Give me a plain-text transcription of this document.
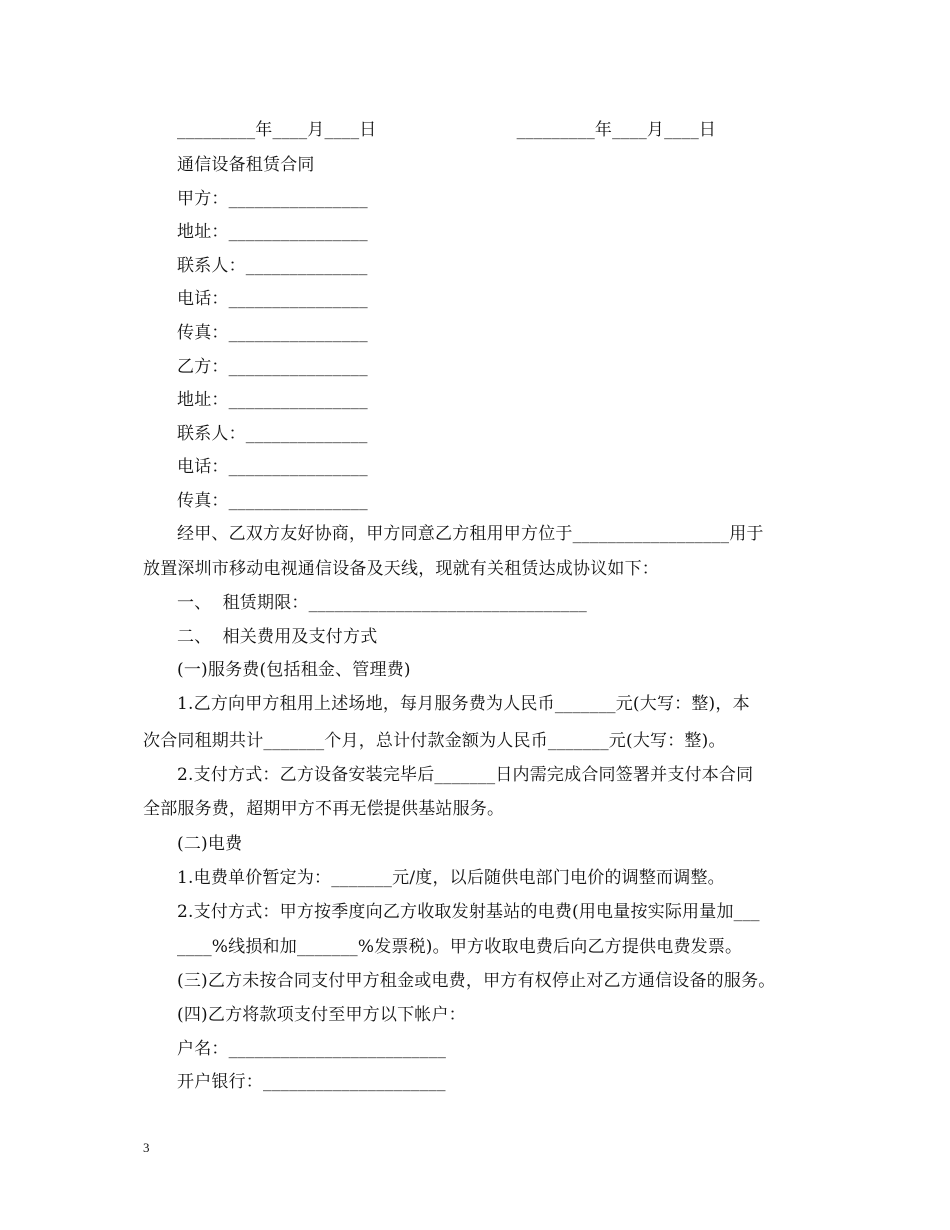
_________年____月____日                         _________年____月____日
通信设备租赁合同
甲方：________________
地址：________________
联系人：______________
电话：________________
传真：________________
乙方：________________
地址：________________
联系人：______________
电话：________________
传真：________________
经甲、乙双方友好协商，甲方同意乙方租用甲方位于__________________用于
放置深圳市移动电视通信设备及天线，现就有关租赁达成协议如下：
一、  租赁期限：________________________________
二、  相关费用及支付方式
(一)服务费(包括租金、管理费)
1.乙方向甲方租用上述场地，每月服务费为人民币_______元(大写：整)，本
次合同租期共计_______个月，总计付款金额为人民币_______元(大写：整)。
2.支付方式：乙方设备安装完毕后_______日内需完成合同签署并支付本合同
全部服务费，超期甲方不再无偿提供基站服务。
(二)电费
1.电费单价暂定为：_______元/度，以后随供电部门电价的调整而调整。
2.支付方式：甲方按季度向乙方收取发射基站的电费(用电量按实际用量加___
____%线损和加_______%发票税)。甲方收取电费后向乙方提供电费发票。
(三)乙方未按合同支付甲方租金或电费，甲方有权停止对乙方通信设备的服务。
(四)乙方将款项支付至甲方以下帐户：
户名：_________________________
开户银行：_____________________
3
